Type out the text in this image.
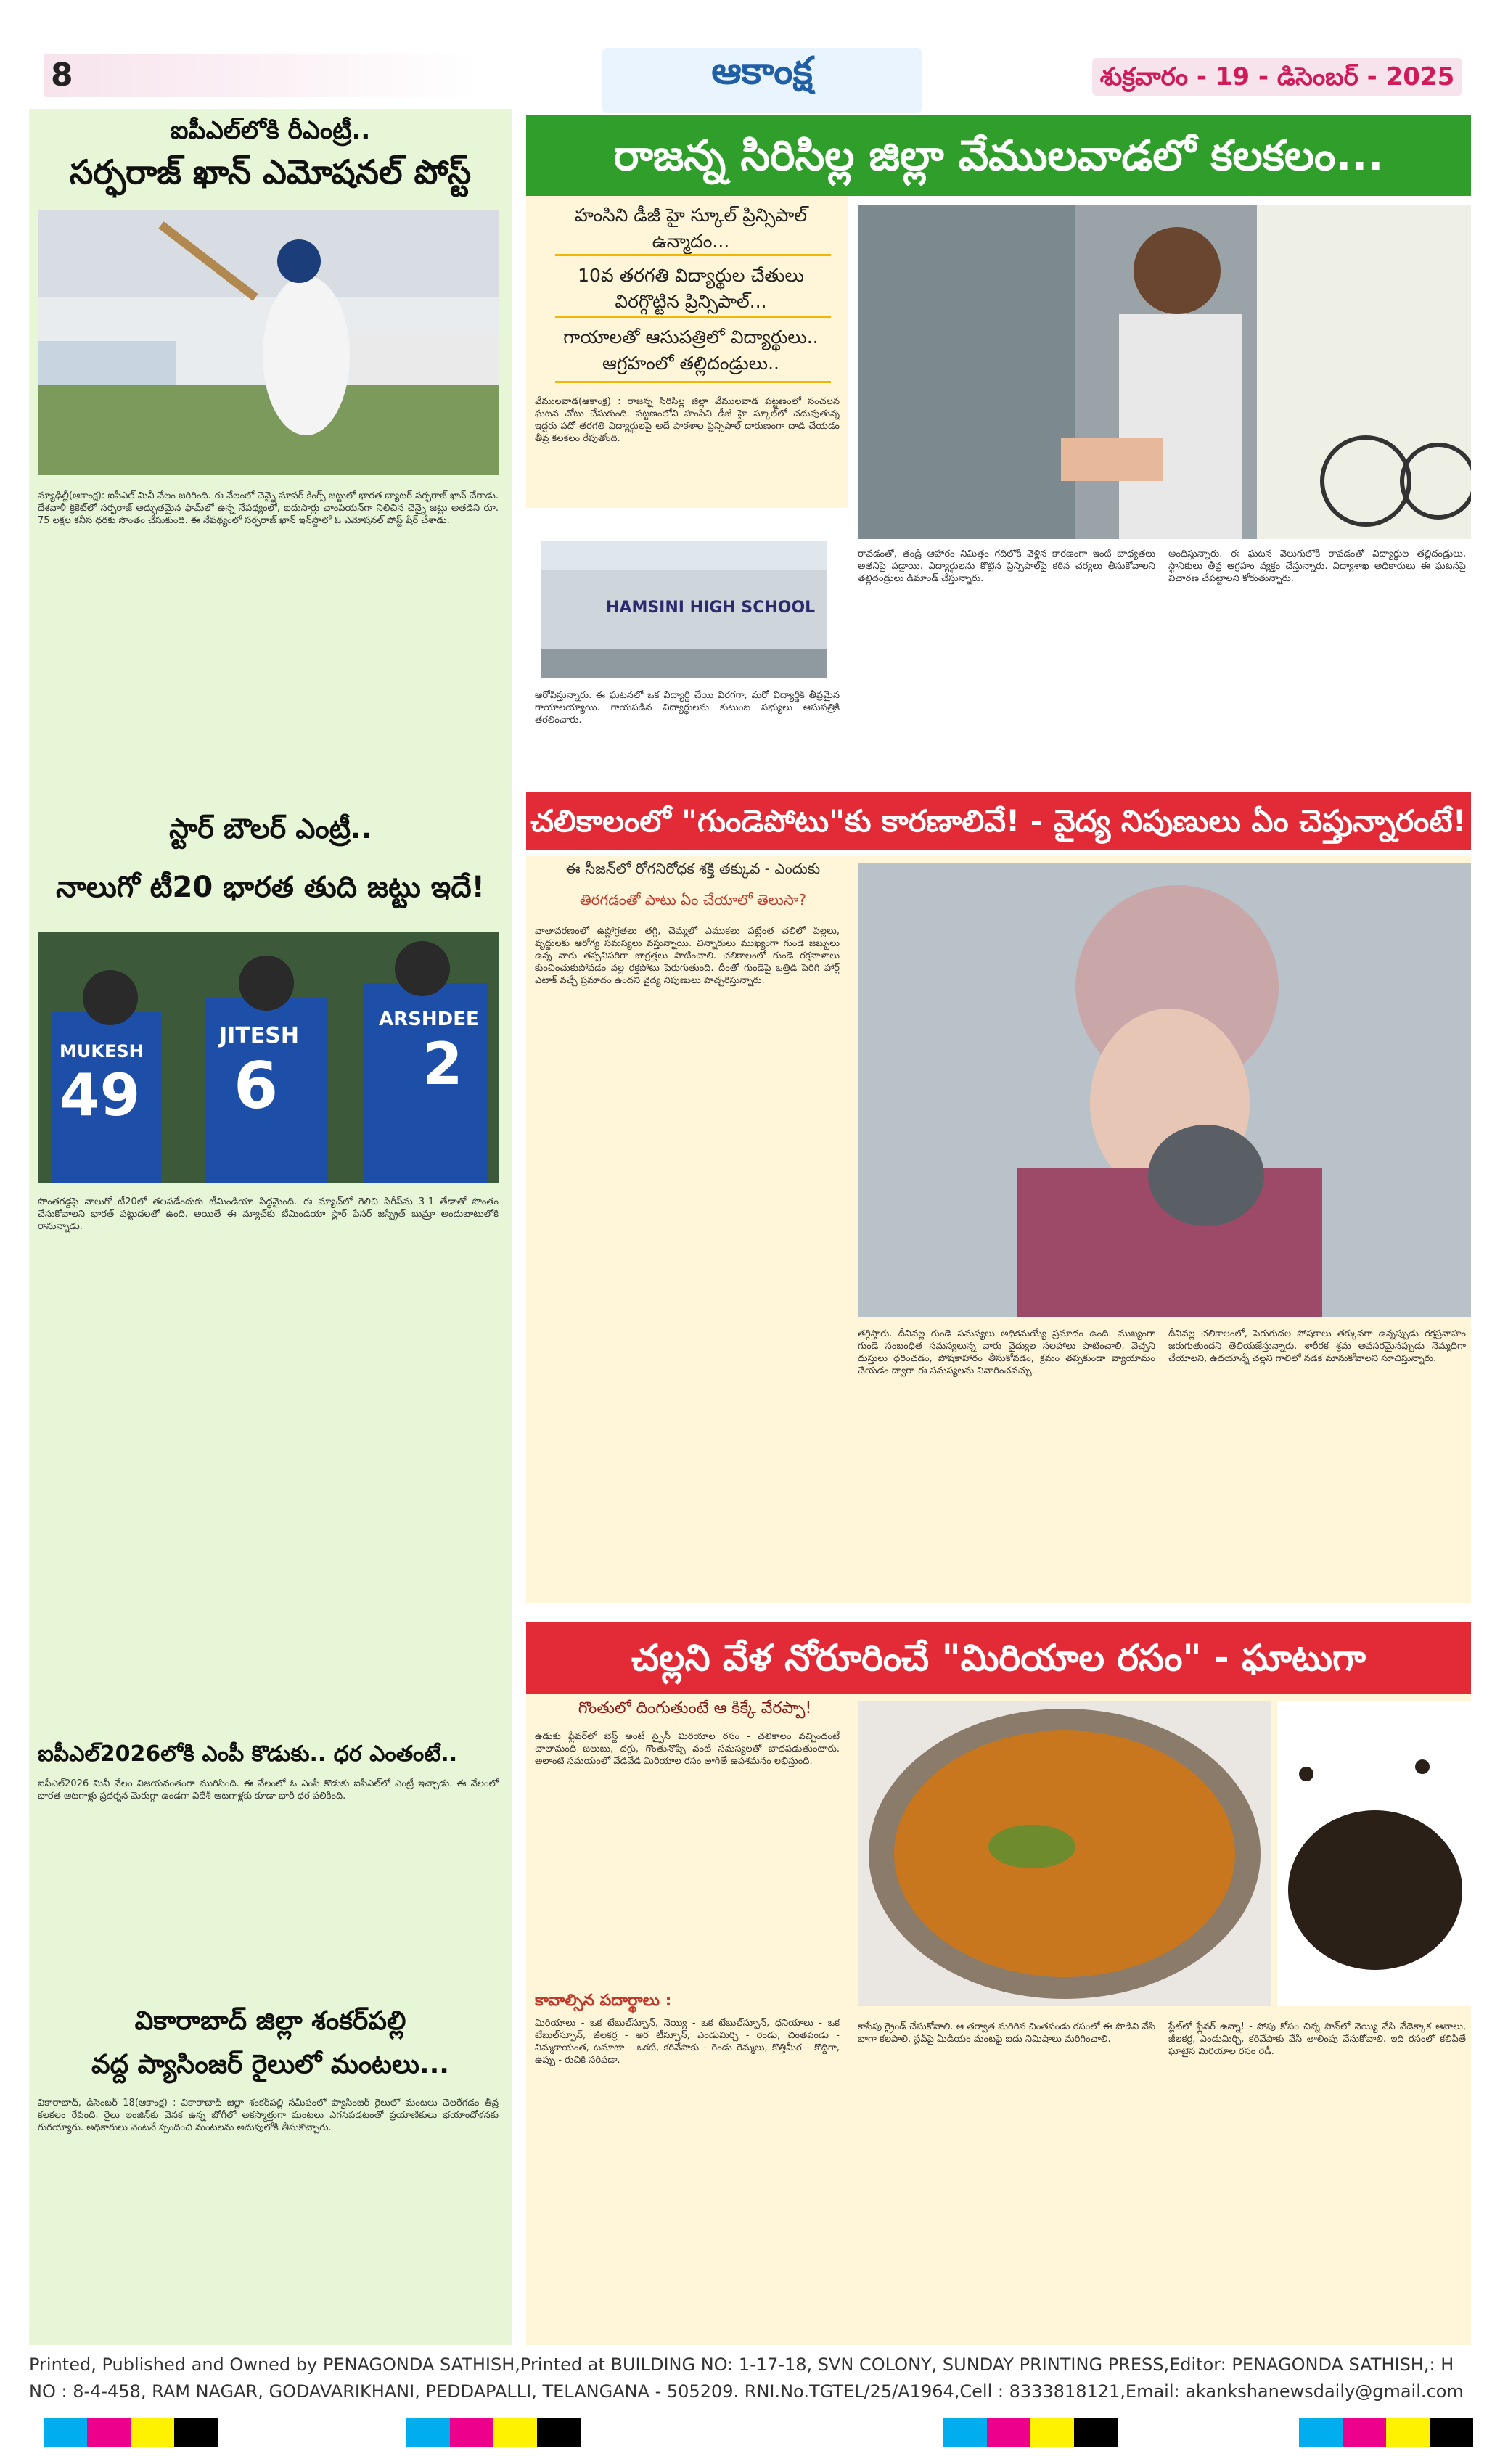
8	ఆకాంక్ష	శుక్రవారం - 19 - డిసెంబర్ - 2025
ఐపీఎల్‌లోకి రీఎంట్రీ..
సర్ఫరాజ్ ఖాన్ ఎమోషనల్ పోస్ట్
న్యూఢిల్లీ(ఆకాంక్ష): ఐపీఎల్ మినీ వేలం జరిగింది. ఈ వేలంలో చెన్నై సూపర్ కింగ్స్ జట్టులో భారత బ్యాటర్ సర్ఫరాజ్ ఖాన్ చేరాడు. దేశవాళీ క్రికెట్‌లో సర్ఫరాజ్ అద్భుతమైన ఫామ్‌లో ఉన్న నేపథ్యంలో, ఐదుసార్లు ఛాంపియన్‌గా నిలిచిన చెన్నై జట్టు అతడిని రూ. 75 లక్షల కనీస ధరకు సొంతం చేసుకుంది. ఈ నేపథ్యంలో సర్ఫరాజ్ ఖాన్ ఇన్‌స్టాలో ఓ ఎమోషనల్ పోస్ట్ షేర్ చేశాడు.
స్టార్ బౌలర్ ఎంట్రీ..
నాలుగో టీ20 భారత తుది జట్టు ఇదే!
MUKESH
49
JITESH
6
ARSHDEE
2
సొంతగడ్డపై నాలుగో టీ20లో తలపడేందుకు టీమిండియా సిద్ధమైంది. ఈ మ్యాచ్‌లో గెలిచి సిరీస్‌ను 3-1 తేడాతో సొంతం చేసుకోవాలని భారత్ పట్టుదలతో ఉంది. అయితే ఈ మ్యాచ్‌కు టీమిండియా స్టార్ పేసర్ జస్ప్రీత్ బుమ్రా అందుబాటులోకి రానున్నాడు.
ఐపీఎల్2026లోకి ఎంపీ కొడుకు.. ధర ఎంతంటే..
ఐపీఎల్2026 మినీ వేలం విజయవంతంగా ముగిసింది. ఈ వేలంలో ఓ ఎంపీ కొడుకు ఐపీఎల్‌లో ఎంట్రీ ఇచ్చాడు. ఈ వేలంలో భారత ఆటగాళ్లు ప్రదర్శన మెరుగ్గా ఉండగా విదేశీ ఆటగాళ్లకు కూడా భారీ ధర పలికింది.
వికారాబాద్ జిల్లా శంకర్‌పల్లి
వద్ద ప్యాసింజర్ రైలులో మంటలు...
వికారాబాద్, డిసెంబర్ 18(ఆకాంక్ష) : వికారాబాద్ జిల్లా శంకర్‌పల్లి సమీపంలో ప్యాసింజర్ రైలులో మంటలు చెలరేగడం తీవ్ర కలకలం రేపింది. రైలు ఇంజిన్‌కు వెనక ఉన్న బోగీలో అకస్మాత్తుగా మంటలు ఎగసిపడటంతో ప్రయాణికులు భయాందోళనకు గురయ్యారు. అధికారులు వెంటనే స్పందించి మంటలను అదుపులోకి తీసుకొచ్చారు.
రాజన్న సిరిసిల్ల జిల్లా వేములవాడలో కలకలం...
హంసిని డీజీ హై స్కూల్ ప్రిన్సిపాల్ ఉన్మాదం...
10వ తరగతి విద్యార్థుల చేతులు విరగ్గొట్టిన ప్రిన్సిపాల్...
గాయాలతో ఆసుపత్రిలో విద్యార్థులు.. ఆగ్రహంలో తల్లిదండ్రులు..
వేములవాడ(ఆకాంక్ష) : రాజన్న సిరిసిల్ల జిల్లా వేములవాడ పట్టణంలో సంచలన ఘటన చోటు చేసుకుంది. పట్టణంలోని హంసిని డీజీ హై స్కూల్‌లో చదువుతున్న ఇద్దరు పదో తరగతి విద్యార్థులపై అదే పాఠశాల ప్రిన్సిపాల్ దారుణంగా దాడి చేయడం తీవ్ర కలకలం రేపుతోంది.
HAMSINI HIGH SCHOOL
ఆరోపిస్తున్నారు. ఈ ఘటనలో ఒక విద్యార్థి చేయి విరగగా, మరో విద్యార్థికి తీవ్రమైన గాయాలయ్యాయి. గాయపడిన విద్యార్థులను కుటుంబ సభ్యులు ఆసుపత్రికి తరలించారు.
రావడంతో, తండ్రి ఆహారం నిమిత్తం గదిలోకి వెళ్లిన కారణంగా ఇంటి బాధ్యతలు అతనిపై పడ్డాయి. విద్యార్థులను కొట్టిన ప్రిన్సిపాల్‌పై కఠిన చర్యలు తీసుకోవాలని తల్లిదండ్రులు డిమాండ్ చేస్తున్నారు.
అందిస్తున్నారు. ఈ ఘటన వెలుగులోకి రావడంతో విద్యార్థుల తల్లిదండ్రులు, స్థానికులు తీవ్ర ఆగ్రహం వ్యక్తం చేస్తున్నారు. విద్యాశాఖ అధికారులు ఈ ఘటనపై విచారణ చేపట్టాలని కోరుతున్నారు.
చలికాలంలో "గుండెపోటు"కు కారణాలివే! - వైద్య నిపుణులు ఏం చెప్తున్నారంటే!
ఈ సీజన్‌లో రోగనిరోధక శక్తి తక్కువ - ఎందుకు
తిరగడంతో పాటు ఏం చేయాలో తెలుసా?
వాతావరణంలో ఉష్ణోగ్రతలు తగ్గి, చెమ్మలో ఎముకలు పట్టేంత చలిలో పిల్లలు, వృద్ధులకు ఆరోగ్య సమస్యలు వస్తున్నాయి. చిన్నారులు ముఖ్యంగా గుండె జబ్బులు ఉన్న వారు తప్పనిసరిగా జాగ్రత్తలు పాటించాలి. చలికాలంలో గుండె రక్తనాళాలు కుంచించుకుపోవడం వల్ల రక్తపోటు పెరుగుతుంది. దీంతో గుండెపై ఒత్తిడి పెరిగి హార్ట్ ఎటాక్ వచ్చే ప్రమాదం ఉందని వైద్య నిపుణులు హెచ్చరిస్తున్నారు.
తగ్గిస్తారు. దీనివల్ల గుండె సమస్యలు అధికమయ్యే ప్రమాదం ఉంది. ముఖ్యంగా గుండె సంబంధిత సమస్యలున్న వారు వైద్యుల సలహాలు పాటించాలి. వెచ్చని దుస్తులు ధరించడం, పోషకాహారం తీసుకోవడం, క్రమం తప్పకుండా వ్యాయామం చేయడం ద్వారా ఈ సమస్యలను నివారించవచ్చు.
దీనివల్ల చలికాలంలో, పెరుగుదల పోషకాలు తక్కువగా ఉన్నప్పుడు రక్తప్రవాహం జరుగుతుందని తెలియజేస్తున్నారు. శారీరక శ్రమ అవసరమైనప్పుడు నెమ్మదిగా చేయాలని, ఉదయాన్నే చల్లని గాలిలో నడక మానుకోవాలని సూచిస్తున్నారు.
చల్లని వేళ నోరూరించే "మిరియాల రసం" - ఘాటుగా
గొంతులో దింగుతుంటే ఆ కిక్కే వేరప్పా!
ఉడుకు ఫ్లేవర్‌లో బెస్ట్ అంటే స్పైసీ మిరియాల రసం - చలికాలం వచ్చిందంటే చాలామంది జలుబు, దగ్గు, గొంతునొప్పి వంటి సమస్యలతో బాధపడుతుంటారు. అలాంటి సమయంలో వేడివేడి మిరియాల రసం తాగితే ఉపశమనం లభిస్తుంది.
కావాల్సిన పదార్థాలు :
మిరియాలు - ఒక టేబుల్‌స్పూన్, నెయ్యి - ఒక టేబుల్‌స్పూన్, ధనియాలు - ఒక టేబుల్‌స్పూన్, జీలకర్ర - అర టీస్పూన్, ఎండుమిర్చి - రెండు, చింతపండు - నిమ్మకాయంత, టమాటా - ఒకటి, కరివేపాకు - రెండు రెమ్మలు, కొత్తిమీర - కొద్దిగా, ఉప్పు - రుచికి సరిపడా.
కాసేపు గ్రైండ్ చేసుకోవాలి. ఆ తర్వాత మరిగిన చింతపండు రసంలో ఈ పొడిని వేసి బాగా కలపాలి. స్టవ్‌పై మీడియం మంటపై ఐదు నిమిషాలు మరిగించాలి.
ప్లేట్‌లో ఫ్లేవర్ ఉన్నా! - పోపు కోసం చిన్న పాన్‌లో నెయ్యి వేసి వేడెక్కాక ఆవాలు, జీలకర్ర, ఎండుమిర్చి, కరివేపాకు వేసి తాలింపు వేసుకోవాలి. ఇది రసంలో కలిపితే ఘాటైన మిరియాల రసం రెడీ.
Printed, Published and Owned by PENAGONDA SATHISH,Printed at BUILDING NO: 1-17-18, SVN COLONY, SUNDAY PRINTING PRESS,Editor: PENAGONDA SATHISH,: H
NO : 8-4-458, RAM NAGAR, GODAVARIKHANI, PEDDAPALLI, TELANGANA - 505209. RNI.No.TGTEL/25/A1964,Cell : 8333818121,Email: akankshanewsdaily@gmail.com
